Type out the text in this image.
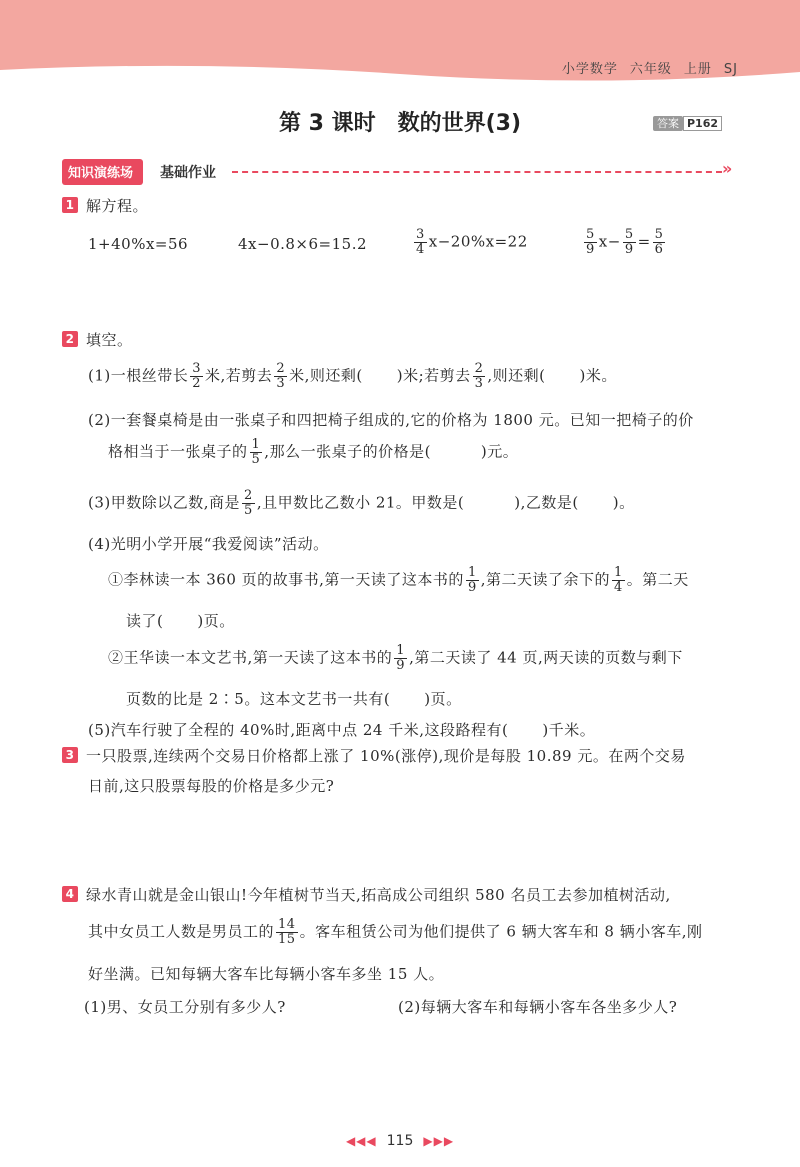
小学数学 六年级 上册 SJ
第 3 课时 数的世界(3)	答案 P162
知识演练场	基础作业	»
1 解方程。
1+40%x=56	4x−0.8×6=15.2	$\frac{3}{4} x-20\%x=22$	$\frac{5}{9} x- \frac{5}{9} = \frac{5}{6}$
2 填空。
(1)一根丝带长 $\frac{3}{2}$ 米,若剪去 $\frac{2}{3}$ 米,则还剩( )米;若剪去 $\frac{2}{3}$ ,则还剩( )米。
(2)一套餐桌椅是由一张桌子和四把椅子组成的,它的价格为 1800 元。已知一把椅子的价
格相当于一张桌子的 $\frac{1}{5}$ ,那么一张桌子的价格是(	)元。
(3)甲数除以乙数,商是 $\frac{2}{5}$ ,且甲数比乙数小 21。甲数是(	),乙数是( )。
(4)光明小学开展“我爱阅读”活动。
①李林读一本 360 页的故事书,第一天读了这本书的 $\frac{1}{9}$ ,第二天读了余下的 $\frac{1}{4}$ 。第二天
读了( )页。
②王华读一本文艺书,第一天读了这本书的 $\frac{1}{9}$ ,第二天读了 44 页,两天读的页数与剩下
页数的比是 2∶5。这本文艺书一共有( )页。
(5)汽车行驶了全程的 40%时,距离中点 24 千米,这段路程有( )千米。
3 一只股票,连续两个交易日价格都上涨了 10%(涨停),现价是每股 10.89 元。在两个交易
日前,这只股票每股的价格是多少元?
4 绿水青山就是金山银山!今年植树节当天,拓高成公司组织 580 名员工去参加植树活动,
其中女员工人数是男员工的 $\frac{14}{15}$ 。客车租赁公司为他们提供了 6 辆大客车和 8 辆小客车,刚
好坐满。已知每辆大客车比每辆小客车多坐 15 人。
(1)男、女员工分别有多少人?	(2)每辆大客车和每辆小客车各坐多少人?
◀◀◀ 115 ▶▶▶
